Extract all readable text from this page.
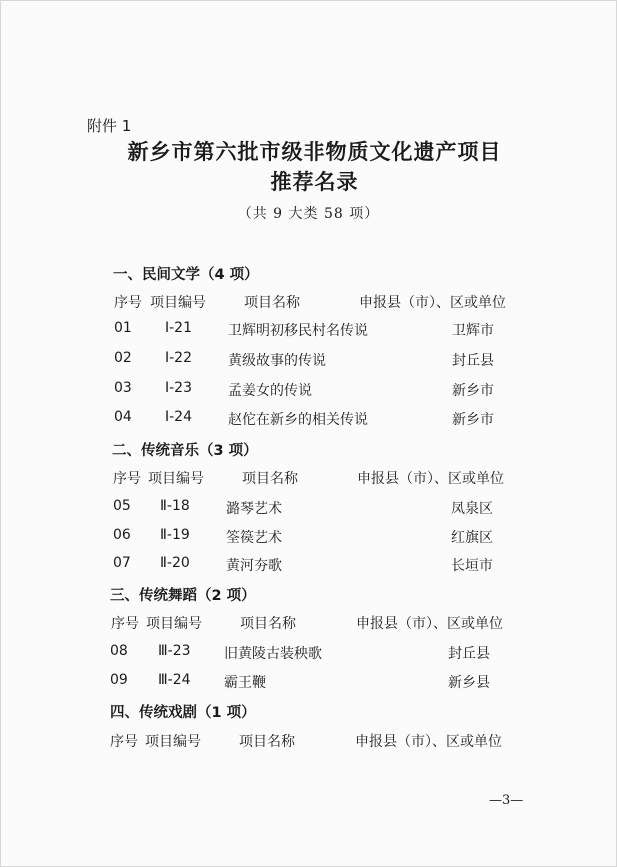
附件 1
新乡市第六批市级非物质文化遗产项目
推荐名录
（共 9 大类 58 项）
一、民间文学（4 项）
序号 项目编号	项目名称	申报县（市）、区或单位
01 Ⅰ-21	卫辉明初移民村名传说	卫辉市
02 Ⅰ-22	黄级故事的传说	封丘县
03 Ⅰ-23	孟姜女的传说	新乡市
04 Ⅰ-24	赵佗在新乡的相关传说	新乡市
二、传统音乐（3 项）
序号 项目编号	项目名称	申报县（市）、区或单位
05 Ⅱ-18	潞琴艺术	凤泉区
06 Ⅱ-19	筌篌艺术	红旗区
07 Ⅱ-20	黄河夯歌	长垣市
三、传统舞蹈（2 项）
序号 项目编号	项目名称	申报县（市）、区或单位
08 Ⅲ-23 旧黄陵古装秧歌	封丘县
09 Ⅲ-24 霸王鞭	新乡县
四、传统戏剧（1 项）
序号 项目编号	项目名称	申报县（市）、区或单位
—3—
